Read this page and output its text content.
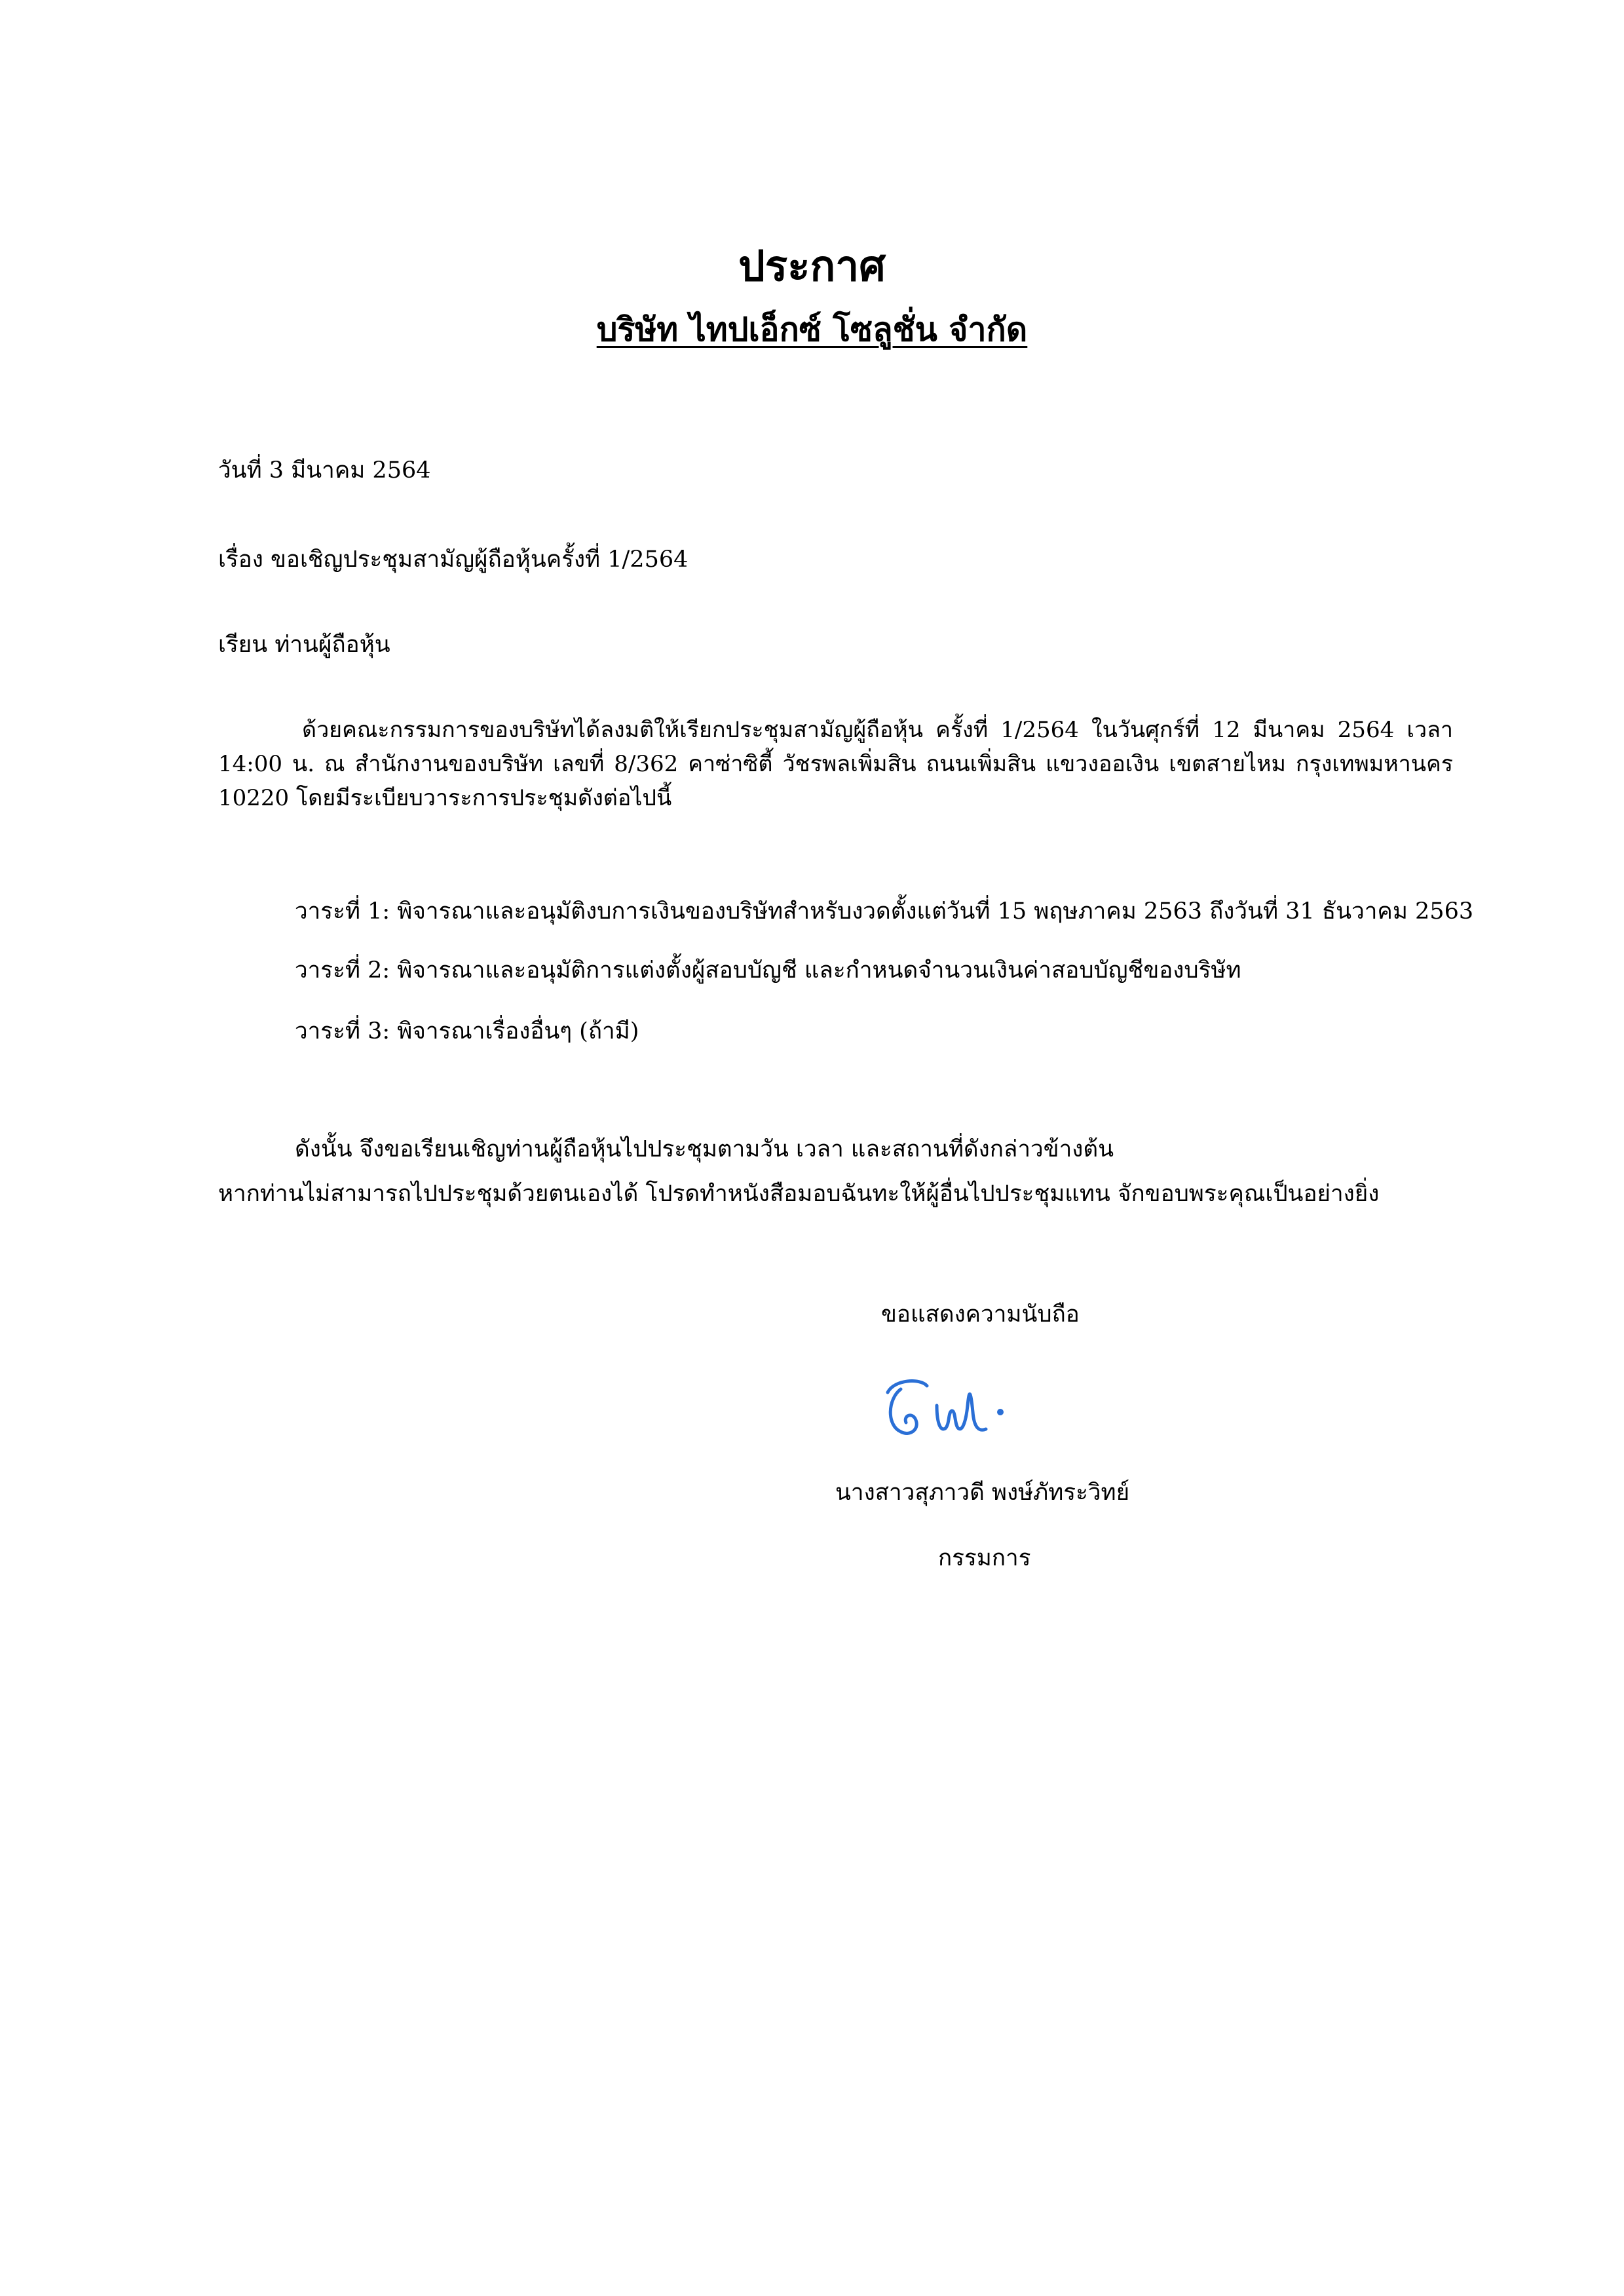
ประกาศ
บริษัท ไทปเอ็กซ์ โซลูชั่น จำกัด
วันที่ 3 มีนาคม 2564
เรื่อง ขอเชิญประชุมสามัญผู้ถือหุ้นครั้งที่ 1/2564
เรียน ท่านผู้ถือหุ้น
ด้วยคณะกรรมการของบริษัทได้ลงมติให้เรียกประชุมสามัญผู้ถือหุ้น ครั้งที่ 1/2564 ในวันศุกร์ที่ 12 มีนาคม 2564 เวลา 14:00 น. ณ สำนักงานของบริษัท เลขที่ 8/362 คาซ่าซิตี้ วัชรพลเพิ่มสิน ถนนเพิ่มสิน แขวงออเงิน เขตสายไหม กรุงเทพมหานคร 10220 โดยมีระเบียบวาระการประชุมดังต่อไปนี้
วาระที่ 1: พิจารณาและอนุมัติงบการเงินของบริษัทสำหรับงวดตั้งแต่วันที่ 15 พฤษภาคม 2563 ถึงวันที่ 31 ธันวาคม 2563
วาระที่ 2: พิจารณาและอนุมัติการแต่งตั้งผู้สอบบัญชี และกำหนดจำนวนเงินค่าสอบบัญชีของบริษัท
วาระที่ 3: พิจารณาเรื่องอื่นๆ (ถ้ามี)
ดังนั้น จึงขอเรียนเชิญท่านผู้ถือหุ้นไปประชุมตามวัน เวลา และสถานที่ดังกล่าวข้างต้น
หากท่านไม่สามารถไปประชุมด้วยตนเองได้ โปรดทำหนังสือมอบฉันทะให้ผู้อื่นไปประชุมแทน จักขอบพระคุณเป็นอย่างยิ่ง
ขอแสดงความนับถือ
นางสาวสุภาวดี พงษ์ภัทระวิทย์
กรรมการ
